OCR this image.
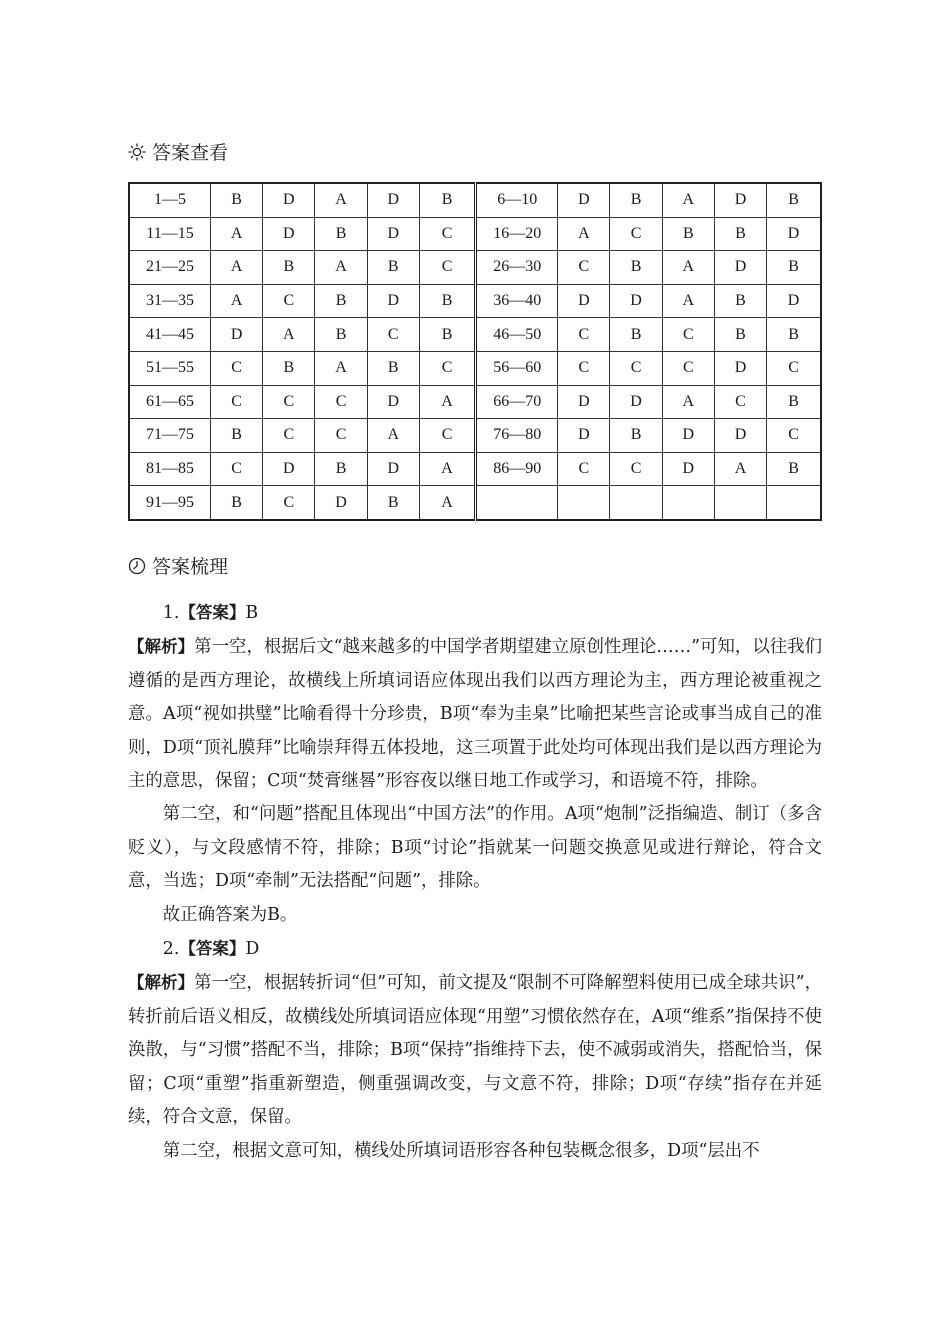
答案查看
1—5	B	D	A	D	B	6—10	D	B	A	D	B
11—15	A	D	B	D	C	16—20	A	C	B	B	D
21—25	A	B	A	B	C	26—30	C	B	A	D	B
31—35	A	C	B	D	B	36—40	D	D	A	B	D
41—45	D	A	B	C	B	46—50	C	B	C	B	B
51—55	C	B	A	B	C	56—60	C	C	C	D	C
61—65	C	C	C	D	A	66—70	D	D	A	C	B
71—75	B	C	C	A	C	76—80	D	B	D	D	C
81—85	C	D	B	D	A	86—90	C	C	D	A	B
91—95	B	C	D	B	A						
答案梳理

1.【答案】B

【解析】第一空，根据后文“越来越多的中国学者期望建立原创性理论……”可知，以往我们遵循的是西方理论，故横线上所填词语应体现出我们以西方理论为主，西方理论被重视之意。A项“视如拱璧”比喻看得十分珍贵，B项“奉为圭臬”比喻把某些言论或事当成自己的准则，D项“顶礼膜拜”比喻崇拜得五体投地，这三项置于此处均可体现出我们是以西方理论为主的意思，保留；C项“焚膏继晷”形容夜以继日地工作或学习，和语境不符，排除。

第二空，和“问题”搭配且体现出“中国方法”的作用。A项“炮制”泛指编造、制订（多含贬义），与文段感情不符，排除；B项“讨论”指就某一问题交换意见或进行辩论，符合文意，当选；D项“牵制”无法搭配“问题”，排除。

故正确答案为B。

2.【答案】D

【解析】第一空，根据转折词“但”可知，前文提及“限制不可降解塑料使用已成全球共识”，转折前后语义相反，故横线处所填词语应体现“用塑”习惯依然存在，A项“维系”指保持不使涣散，与“习惯”搭配不当，排除；B项“保持”指维持下去，使不减弱或消失，搭配恰当，保留；C项“重塑”指重新塑造，侧重强调改变，与文意不符，排除；D项“存续”指存在并延续，符合文意，保留。

第二空，根据文意可知，横线处所填词语形容各种包装概念很多，D项“层出不
